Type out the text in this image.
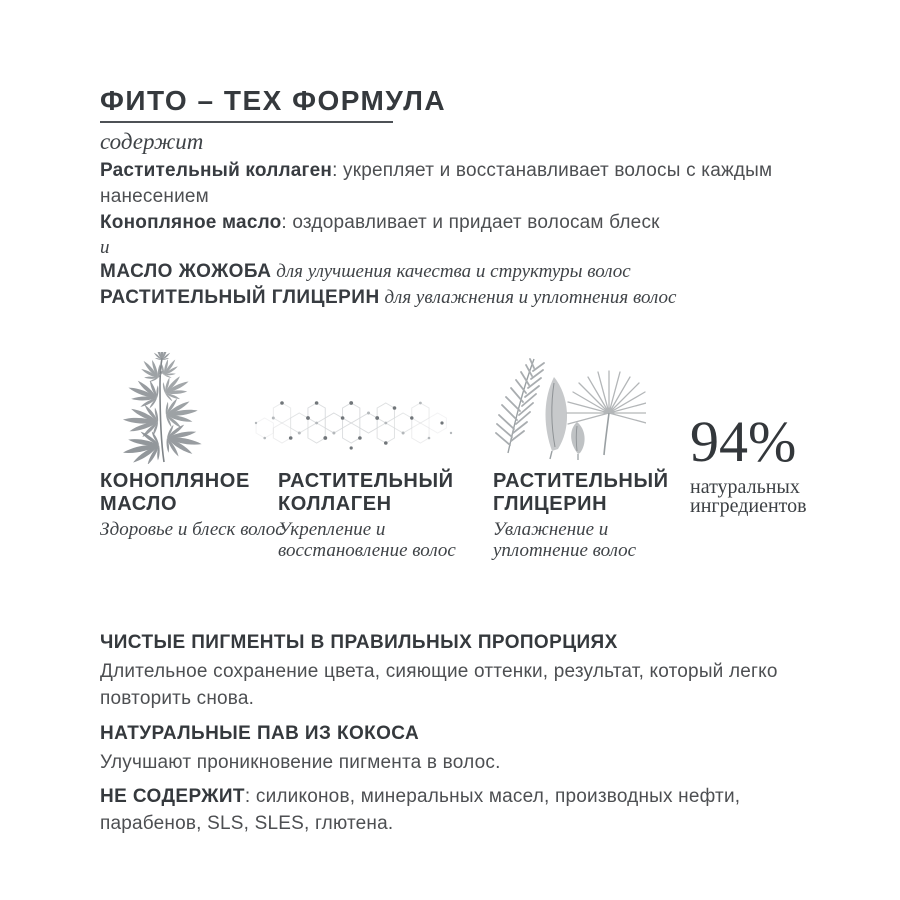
ФИТО – ТЕХ ФОРМУЛА
содержит
Растительный коллаген: укрепляет и восстанавливает волосы с каждым нанесением
Конопляное масло: оздоравливает и придает волосам блеск
и
МАСЛО ЖОЖОБА для улучшения качества и структуры волос
РАСТИТЕЛЬНЫЙ ГЛИЦЕРИН для увлажнения и уплотнения волос
КОНОПЛЯНОЕ
МАСЛО
Здоровье и блеск волос
РАСТИТЕЛЬНЫЙ
КОЛЛАГЕН
Укрепление и восстановление волос
РАСТИТЕЛЬНЫЙ
ГЛИЦЕРИН
Увлажнение и уплотнение волос
94%
натуральных
ингредиентов
ЧИСТЫЕ ПИГМЕНТЫ В ПРАВИЛЬНЫХ ПРОПОРЦИЯХ

Длительное сохранение цвета, сияющие оттенки, результат, который легко повторить снова.

НАТУРАЛЬНЫЕ ПАВ ИЗ КОКОСА

Улучшают проникновение пигмента в волос.

НЕ СОДЕРЖИТ: силиконов, минеральных масел, производных нефти, парабенов, SLS, SLES, глютена.
